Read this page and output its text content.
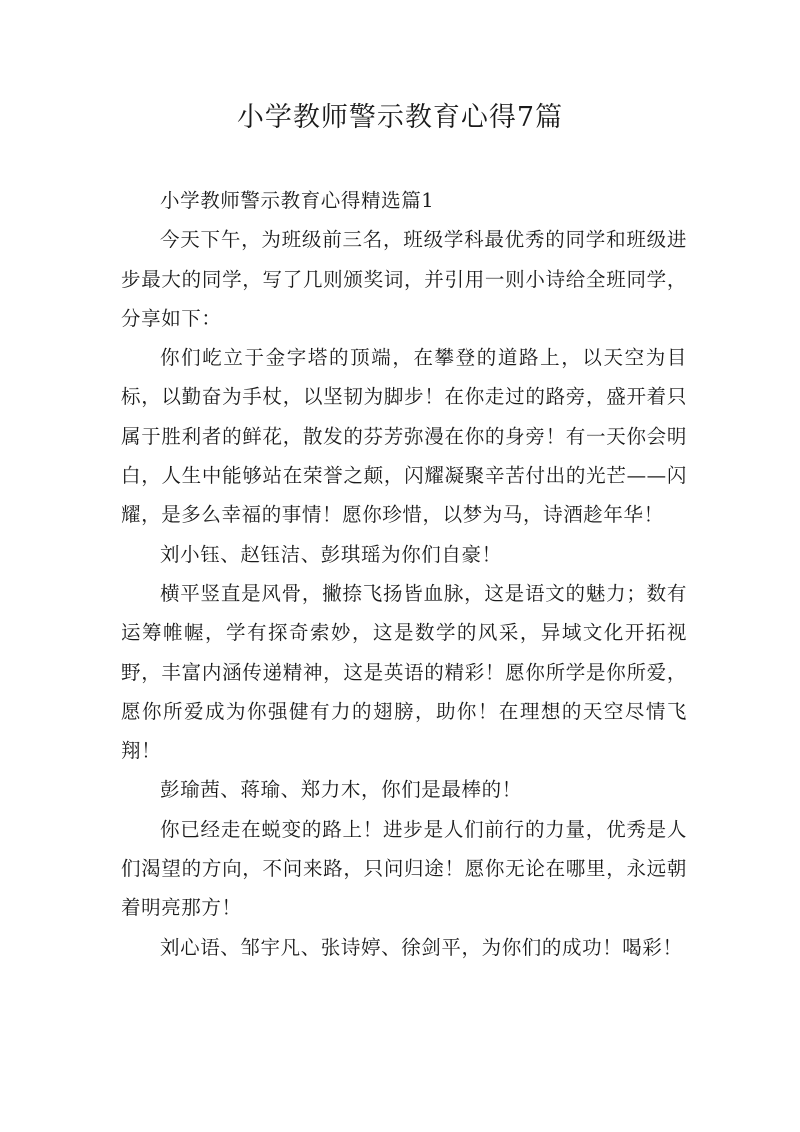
小学教师警示教育心得7篇

小学教师警示教育心得精选篇1

今天下午，为班级前三名，班级学科最优秀的同学和班级进步最大的同学，写了几则颁奖词，并引用一则小诗给全班同学，分享如下：

你们屹立于金字塔的顶端，在攀登的道路上，以天空为目标，以勤奋为手杖，以坚韧为脚步！在你走过的路旁，盛开着只属于胜利者的鲜花，散发的芬芳弥漫在你的身旁！有一天你会明白，人生中能够站在荣誉之颠，闪耀凝聚辛苦付出的光芒——闪耀，是多么幸福的事情！愿你珍惜，以梦为马，诗酒趁年华！

刘小钰、赵钰洁、彭琪瑶为你们自豪！

横平竖直是风骨，撇捺飞扬皆血脉，这是语文的魅力；数有运筹帷幄，学有探奇索妙，这是数学的风采，异域文化开拓视野，丰富内涵传递精神，这是英语的精彩！愿你所学是你所爱，愿你所爱成为你强健有力的翅膀，助你！在理想的天空尽情飞翔！

彭瑜茜、蒋瑜、郑力木，你们是最棒的！

你已经走在蜕变的路上！进步是人们前行的力量，优秀是人们渴望的方向，不问来路，只问归途！愿你无论在哪里，永远朝着明亮那方！

刘心语、邹宇凡、张诗婷、徐剑平，为你们的成功！喝彩！
